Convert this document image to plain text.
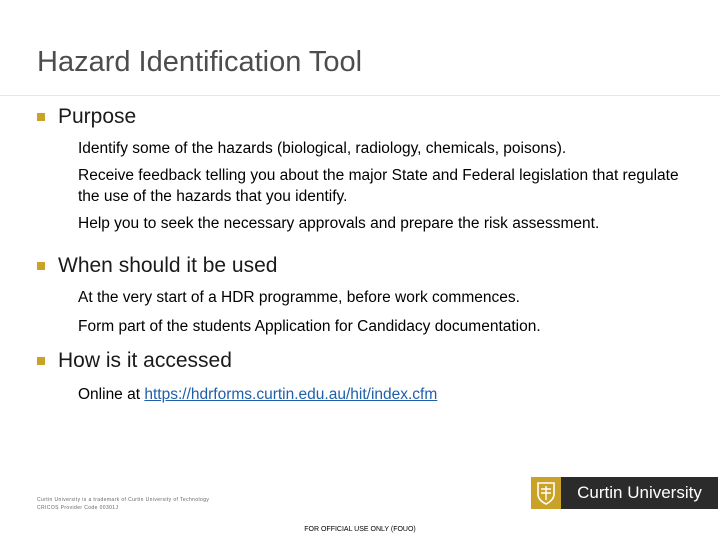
Hazard Identification Tool
Purpose
Identify some of the hazards (biological, radiology, chemicals, poisons).
Receive feedback telling you about the major State and Federal legislation that regulate the use of the hazards that you identify.
Help you to seek the necessary approvals and prepare the risk assessment.
When should it be used
At the very start of a HDR programme, before work commences.
Form part of the students Application for Candidacy documentation.
How is it accessed
Online at https://hdrforms.curtin.edu.au/hit/index.cfm
Curtin University is a trademark of Curtin University of Technology
CRICOS Provider Code 00301J
Curtin University
FOR OFFICIAL USE ONLY (FOUO)
